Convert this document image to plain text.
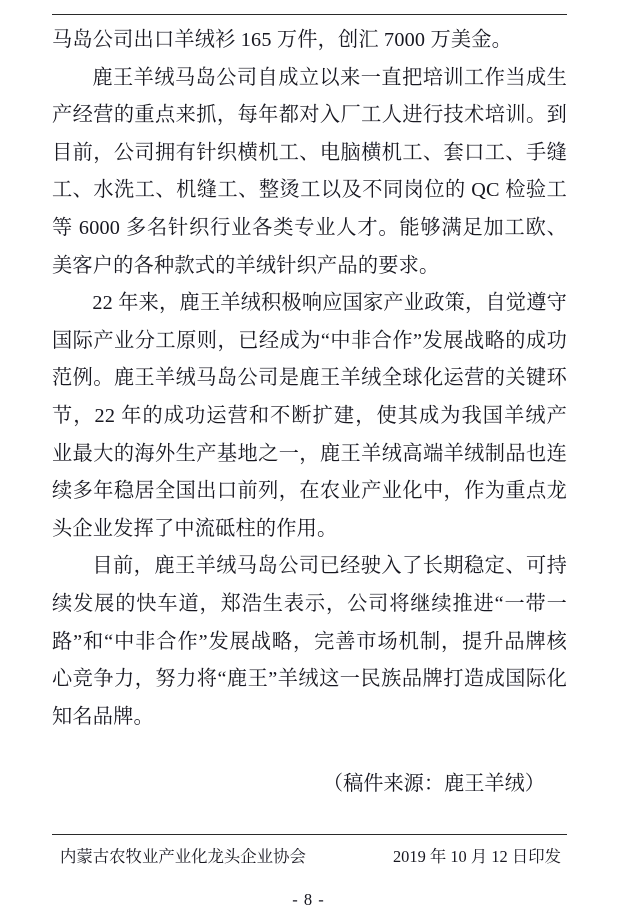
马岛公司出口羊绒衫 165 万件，创汇 7000 万美金。

鹿王羊绒马岛公司自成立以来一直把培训工作当成生产经营的重点来抓，每年都对入厂工人进行技术培训。到目前，公司拥有针织横机工、电脑横机工、套口工、手缝工、水洗工、机缝工、整烫工以及不同岗位的 QC 检验工等 6000 多名针织行业各类专业人才。能够满足加工欧、美客户的各种款式的羊绒针织产品的要求。

22 年来，鹿王羊绒积极响应国家产业政策，自觉遵守国际产业分工原则，已经成为“中非合作”发展战略的成功范例。鹿王羊绒马岛公司是鹿王羊绒全球化运营的关键环节，22 年的成功运营和不断扩建，使其成为我国羊绒产业最大的海外生产基地之一，鹿王羊绒高端羊绒制品也连续多年稳居全国出口前列，在农业产业化中，作为重点龙头企业发挥了中流砥柱的作用。

目前，鹿王羊绒马岛公司已经驶入了长期稳定、可持续发展的快车道，郑浩生表示，公司将继续推进“一带一路”和“中非合作”发展战略，完善市场机制，提升品牌核心竞争力，努力将“鹿王”羊绒这一民族品牌打造成国际化知名品牌。

（稿件来源：鹿王羊绒）
内蒙古农牧业产业化龙头企业协会	2019 年 10 月 12 日印发
- 8 -
